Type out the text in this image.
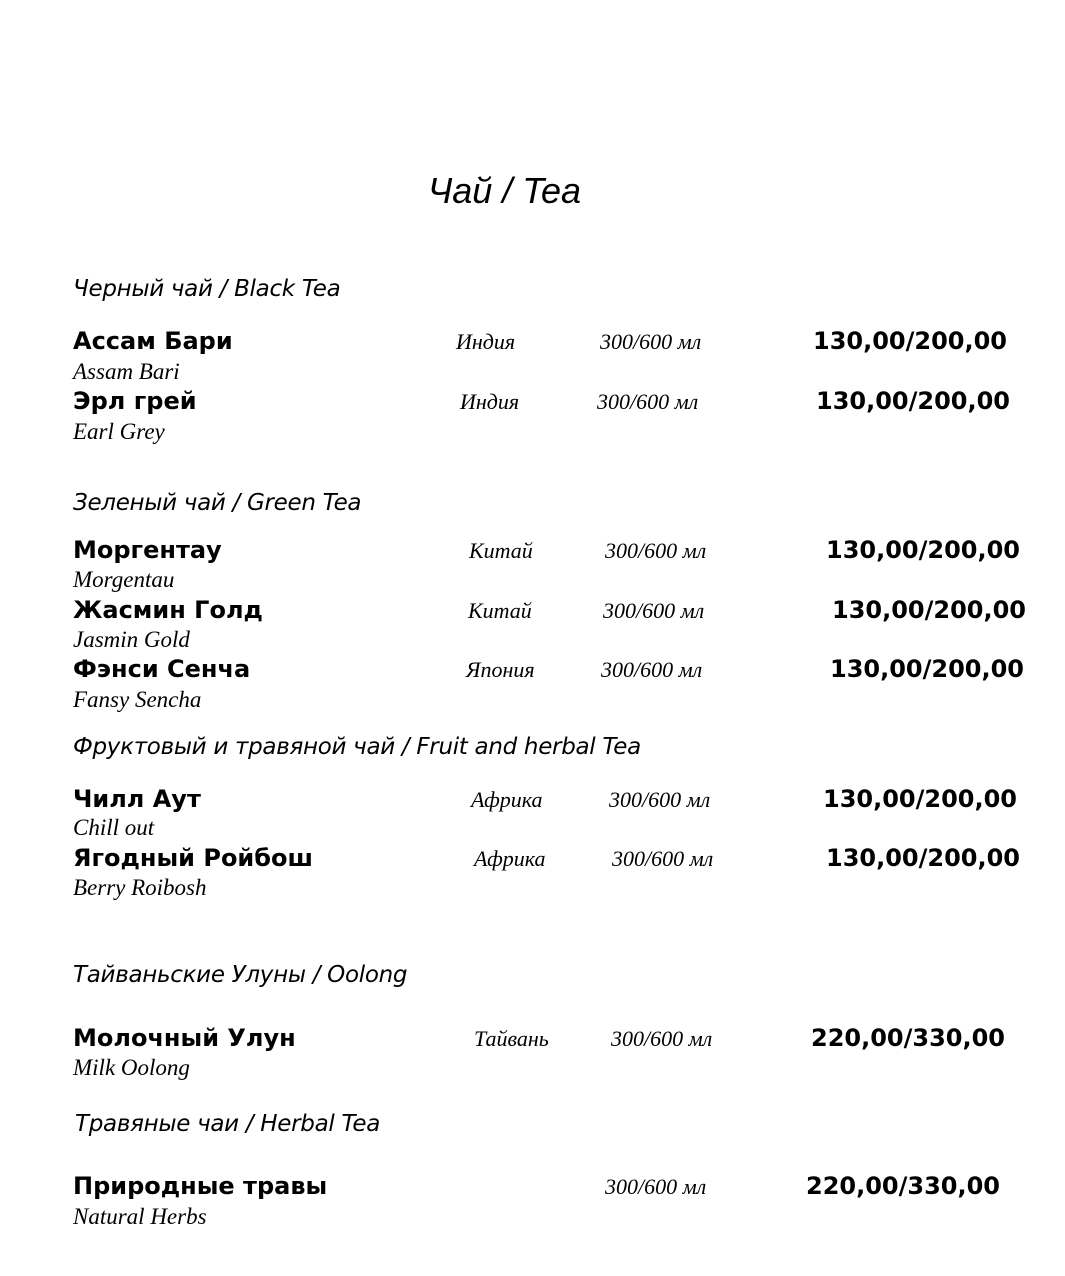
Чай / Tea
Черный чай / Black Tea
Ассам Бари	Индия	300/600 мл	130,00/200,00
Assam Bari
Эрл грей	Индия	300/600 мл	130,00/200,00
Earl Grey
Зеленый чай / Green Tea
Моргентау	Китай	300/600 мл	130,00/200,00
Morgentau
Жасмин Голд	Китай	300/600 мл	130,00/200,00
Jasmin Gold
Фэнси Сенча	Япония	300/600 мл	130,00/200,00
Fansy Sencha
Фруктовый и травяной чай / Fruit and herbal Tea
Чилл Аут	Африка	300/600 мл	130,00/200,00
Chill out
Ягодный Ройбош	Африка	300/600 мл	130,00/200,00
Berry Roibosh
Тайваньские Улуны / Oolong
Молочный Улун	Тайвань	300/600 мл	220,00/330,00
Milk Oolong
Травяные чаи / Herbal Tea
Природные травы	300/600 мл	220,00/330,00
Natural Herbs
